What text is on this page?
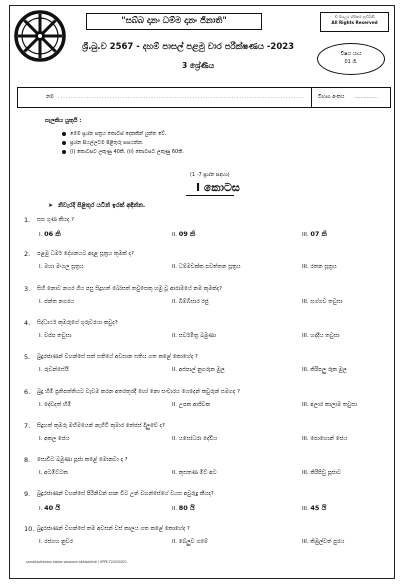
"සබ්බ දානං ධම්ම දානං ජිනාති"	© සියලුම හිමිකම් ඇවිරිණි
All Rights Reserved
ශ්‍රී.බු.ව 2567 - දහම් පාසල් පළමු වාර පරීක්ෂණය -2023
විෂය යාය
01 ශි.
3 ශ්‍රේණිය
නම ...............................................................................................	විභාග අංකය ...............
සැලකිය යුතුයි :
මෙම ප්‍රශ්න පත්‍රය කොටස් දෙකකින් යුක්ත වේ.
ප්‍රශ්න සියල්ලටම පිළිතුරු සපයන්න.
(i) කොටසට ලකුණු 40කි. (ii) කොටසට ලකුණු 60කි.
(1 -7 ප්‍රශ්න සඳහා)
I කොටස
➤ නිවැරදි පිළිතුර යටින් ඉරක් අඳින්න.
1. සඝ ගුණ කීයද ?
I. 06 කි	II. 09 කි	III. 07 කි
2. පළමු ධර්ම දේශනයට අදාළ සූත්‍රය කුමක් ද?
I. මහා මංගල සූත්‍රය	II. ධම්මචක්ක පවත්තන සූත්‍රය	III. රතන සූත්‍රය
3. සිහි නොව නගර ගිය පසු සිදුහත් බෝසත් තවුසෙකු හමු වූ ආරාමයේ නම කුමක්ද?
I. ජන්ත නගරය	II. බිම්බිසාර රජු	III. භග්ගව තවුසා
4. සිද්ධාර්ථ කුමරුගේ ගුරුවරයා කවුද?
I. වප්ප තවුසා	II. සර්වමිත්‍ර බමුණා	III. හද්දිය තවුසා
5. බුදුරජාණන් වහන්සේ සත් සතියේ අවසාන සතිය ගත කළේ කොහේද ?
I. රුවන්සේයි	II. අජපාල් නුගරුක මුල	III. කිරිපලු රුක මුල
6. බුදු හිමි ප්‍රතිපත්තියට වැඩම කරන අතරතුරදී හෝ නො සංචාරය ගෙදෙන් කවුරුන් සමගද ?
I. දේවදත් හිමි	II. උපක ආජිවක	III. අලාර කාලාම තවුසා
7. සිදුහත් කුමරු මහිමයෙන් නැගිටි කුමාර තේජස් දිලුවේ ද?
I. අකල ජෙය	II. යසෝධරා දේවිය	III. පොහොන් ජෙය
8. සොවිට බමුණා පූජා කළේ මොනවා ද ?
I. අටමිට්ටක	II. කුසතණ මිට් අට	III. කිරිපිඩු පූජාව
9. බුදුරජාණන් වහන්සේ පිරිනිවන් පාන විට උන් වහන්සේගේ වයස අවුරුදු කීයද?
I. 40 යි	II. 80 යි	III. 45 යි
10. බුදුරජාණන් වහන්සේ තම අවසන් වස් කාලය ගත කළේ කොහේද ?
I. රජගහ නුවර	II. බේලුව ගමේ	III. කිඹුල්වත් පුරය
sambhadhanam sabbe sasanam abhisekhidi / SPPE-T20030021
